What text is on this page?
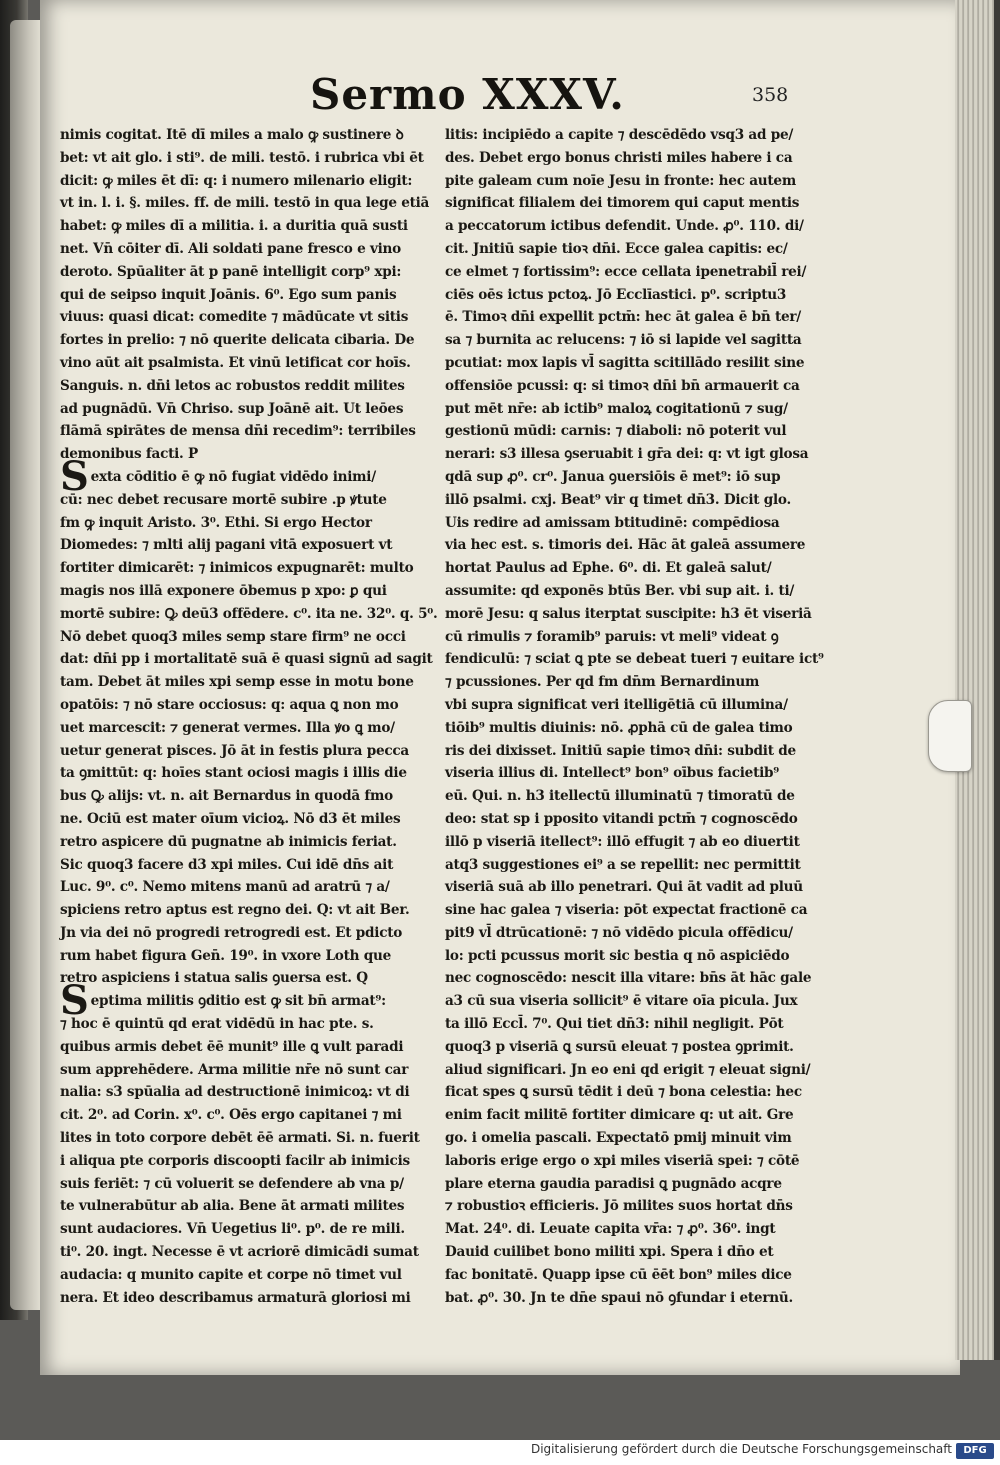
Sermo XXXV.	358
nimis cogitat. Itē dī miles a malo ꝙ sustinere ꝺ
bet: vt ait glo. i sti⁹. de mili. testō. i rubrica vbi ēt
dicit: ꝙ miles ēt dī: q: i numero milenario eligit:
vt in. l. i. §. miles. ff. de mili. testō in qua lege etiā
habet: ꝙ miles dī a militia. i. a duritia quā susti
net. Vn̄ cōiter dī. Ali soldati pane fresco e vino
deroto. Spūaliter āt p panē intelligit corp⁹ xpi:
qui de seipso inquit Joānis. 6⁰. Ego sum panis
viuus: quasi dicat: comedite ⁊ mādūcate vt sitis
fortes in prelio: ⁊ nō querite delicata cibaria. De
vino aūt ait psalmista. Et vinū letificat cor hoīs.
Sanguis. n. dn̄i letos ac robustos reddit milites
ad pugnādū. Vn̄ Chriso. sup Joānē ait. Ut leōes
flāmā spirātes de mensa dn̄i recedim⁹: terribiles
demonibus facti. P
Sexta cōditio ē ꝙ nō fugiat vidēdo inimi/
cū: nec debet recusare mortē subire .p ꝟtute
fm ꝙ inquit Aristo. 3⁰. Ethi. Si ergo Hector
Diomedes: ⁊ mlti alij pagani vitā exposuert vt
fortiter dimicarēt: ⁊ inimicos expugnarēt: multo
magis nos illā exponere ōbemus p xpo: ꝑ qui
mortē subire: Ꝙ deū3 offēdere. c⁰. ita ne. 32⁰. q. 5⁰.
Nō debet quoq3 miles semp stare firm⁹ ne occi
dat: dn̄i pp i mortalitatē suā ē quasi signū ad sagit
tam. Debet āt miles xpi semp esse in motu bone
opatōis: ⁊ nō stare occiosus: q: aqua ꝗ non mo
uet marcescit: ⁊ generat vermes. Illa ꝟo ꝗ mo/
uetur generat pisces. Jō āt in festis plura pecca
ta ꝯmittūt: q: hoīes stant ociosi magis i illis die
bus Ꝙ alijs: vt. n. ait Bernardus in quodā fmo
ne. Ociū est mater oīum vicioꝝ. Nō d3 ēt miles
retro aspicere dū pugnatne ab inimicis feriat.
Sic quoq3 facere d3 xpi miles. Cui idē dn̄s ait
Luc. 9⁰. c⁰. Nemo mitens manū ad aratrū ⁊ a/
spiciens retro aptus est regno dei. Q: vt ait Ber.
Jn via dei nō progredi retrogredi est. Et pdicto
rum habet figura Gen̄. 19⁰. in vxore Loth que
retro aspiciens i statua salis ꝯuersa est. Q
Septima militis ꝯditio est ꝙ sit bn̄ armat⁹:
⁊ hoc ē quintū qd erat vidēdū in hac pte. s.
quibus armis debet ēē munit⁹ ille ꝗ vult paradi
sum apprehēdere. Arma militie nr̄e nō sunt car
nalia: s3 spūalia ad destructionē inimicoꝝ: vt di
cit. 2⁰. ad Corin. x⁰. c⁰. Oēs ergo capitanei ⁊ mi
lites in toto corpore debēt ēē armati. Si. n. fuerit
i aliqua pte corporis discoopti facilr ab inimicis
suis feriēt: ⁊ cū voluerit se defendere ab vna p/
te vulnerabūtur ab alia. Bene āt armati milites
sunt audaciores. Vn̄ Uegetius li⁰. p⁰. de re mili.
ti⁰. 20. ingt. Necesse ē vt acriorē dimicādi sumat
audacia: q munito capite et corpe nō timet vul
nera. Et ideo describamus armaturā gloriosi mi
litis: incipiēdo a capite ⁊ descēdēdo vsq3 ad pe/
des. Debet ergo bonus christi miles habere i ca
pite galeam cum noīe Jesu in fronte: hec autem
significat filialem dei timorem qui caput mentis
a peccatorum ictibus defendit. Unde. ꝓ⁰. 110. di/
cit. Jnitiū sapie tioꝛ dn̄i. Ecce galea capitis: ec/
ce elmet ⁊ fortissim⁹: ecce cellata ipenetrabil̄ rei/
ciēs oēs ictus pctoꝝ. Jō Ecclīastici. p⁰. scriptu3
ē. Timoꝛ dn̄i expellit pctm̄: hec āt galea ē bn̄ ter/
sa ⁊ burnita ac relucens: ⁊ iō si lapide vel sagitta
pcutiat: mox lapis vl̄ sagitta scitillādo resilit sine
offensiōe pcussi: q: si timoꝛ dn̄i bn̄ armauerit ca
put mēt nr̄e: ab ictib⁹ maloꝝ cogitationū ⁊ sug/
gestionū mūdi: carnis: ⁊ diaboli: nō poterit vul
nerari: s3 illesa ꝯseruabit i gr̄a dei: q: vt igt glosa
qdā sup ꝓ⁰. cr⁰. Janua ꝯuersiōis ē met⁹: iō sup
illō psalmi. cxj. Beat⁹ vir q timet dn̄3. Dicit glo.
Uis redire ad amissam btitudinē: compēdiosa
via hec est. s. timoris dei. Hāc āt galeā assumere
hortat Paulus ad Ephe. 6⁰. di. Et galeā salut/
assumite: qd exponēs btūs Ber. vbi sup ait. i. ti/
morē Jesu: q salus iterptat suscipite: h3 ēt viseriā
cū rimulis ⁊ foramib⁹ paruis: vt meli⁹ videat ꝯ
fendiculū: ⁊ sciat ꝗ pte se debeat tueri ⁊ euitare ict⁹
⁊ pcussiones. Per qd fm dn̄m Bernardinum
vbi supra significat veri itelligētiā cū illumina/
tiōib⁹ multis diuinis: nō. ꝓphā cū de galea timo
ris dei dixisset. Initiū sapie timoꝛ dn̄i: subdit de
viseria illius di. Intellect⁹ bon⁹ oībus facietib⁹
eū. Qui. n. h3 itellectū illuminatū ⁊ timoratū de
deo: stat sp i pposito vitandi pctm̄ ⁊ cognoscēdo
illō p viseriā itellect⁹: illō effugit ⁊ ab eo diuertit
atq3 suggestiones ei⁹ a se repellit: nec permittit
viseriā suā ab illo penetrari. Qui āt vadit ad pluū
sine hac galea ⁊ viseria: pōt expectat fractionē ca
pit9 vl̄ dtrūcationē: ⁊ nō vidēdo picula offēdicu/
lo: pcti pcussus morit sic bestia q nō aspiciēdo
nec cognoscēdo: nescit illa vitare: bn̄s āt hāc gale
a3 cū sua viseria sollicit⁹ ē vitare oīa picula. Jux
ta illō Eccl̄. 7⁰. Qui tiet dn̄3: nihil negligit. Pōt
quoq3 p viseriā ꝗ sursū eleuat ⁊ postea ꝯprimit.
aliud significari. Jn eo eni qd erigit ⁊ eleuat signi/
ficat spes ꝗ sursū tēdit i deū ⁊ bona celestia: hec
enim facit militē fortiter dimicare q: ut ait. Gre
go. i omelia pascali. Expectatō pmij minuit vim
laboris erige ergo o xpi miles viseriā spei: ⁊ cōtē
plare eterna gaudia paradisi ꝗ pugnādo acqre
⁊ robustioꝛ efficieris. Jō milites suos hortat dn̄s
Mat. 24⁰. di. Leuate capita vr̄a: ⁊ ꝓ⁰. 36⁰. ingt
Dauid cuilibet bono militi xpi. Spera i dn̄o et
fac bonitatē. Quapp ipse cū ēēt bon⁹ miles dice
bat. ꝓ⁰. 30. Jn te dn̄e spaui nō ꝯfundar i eternū.
Digitalisierung gefördert durch die Deutsche Forschungsgemeinschaft	DFG
